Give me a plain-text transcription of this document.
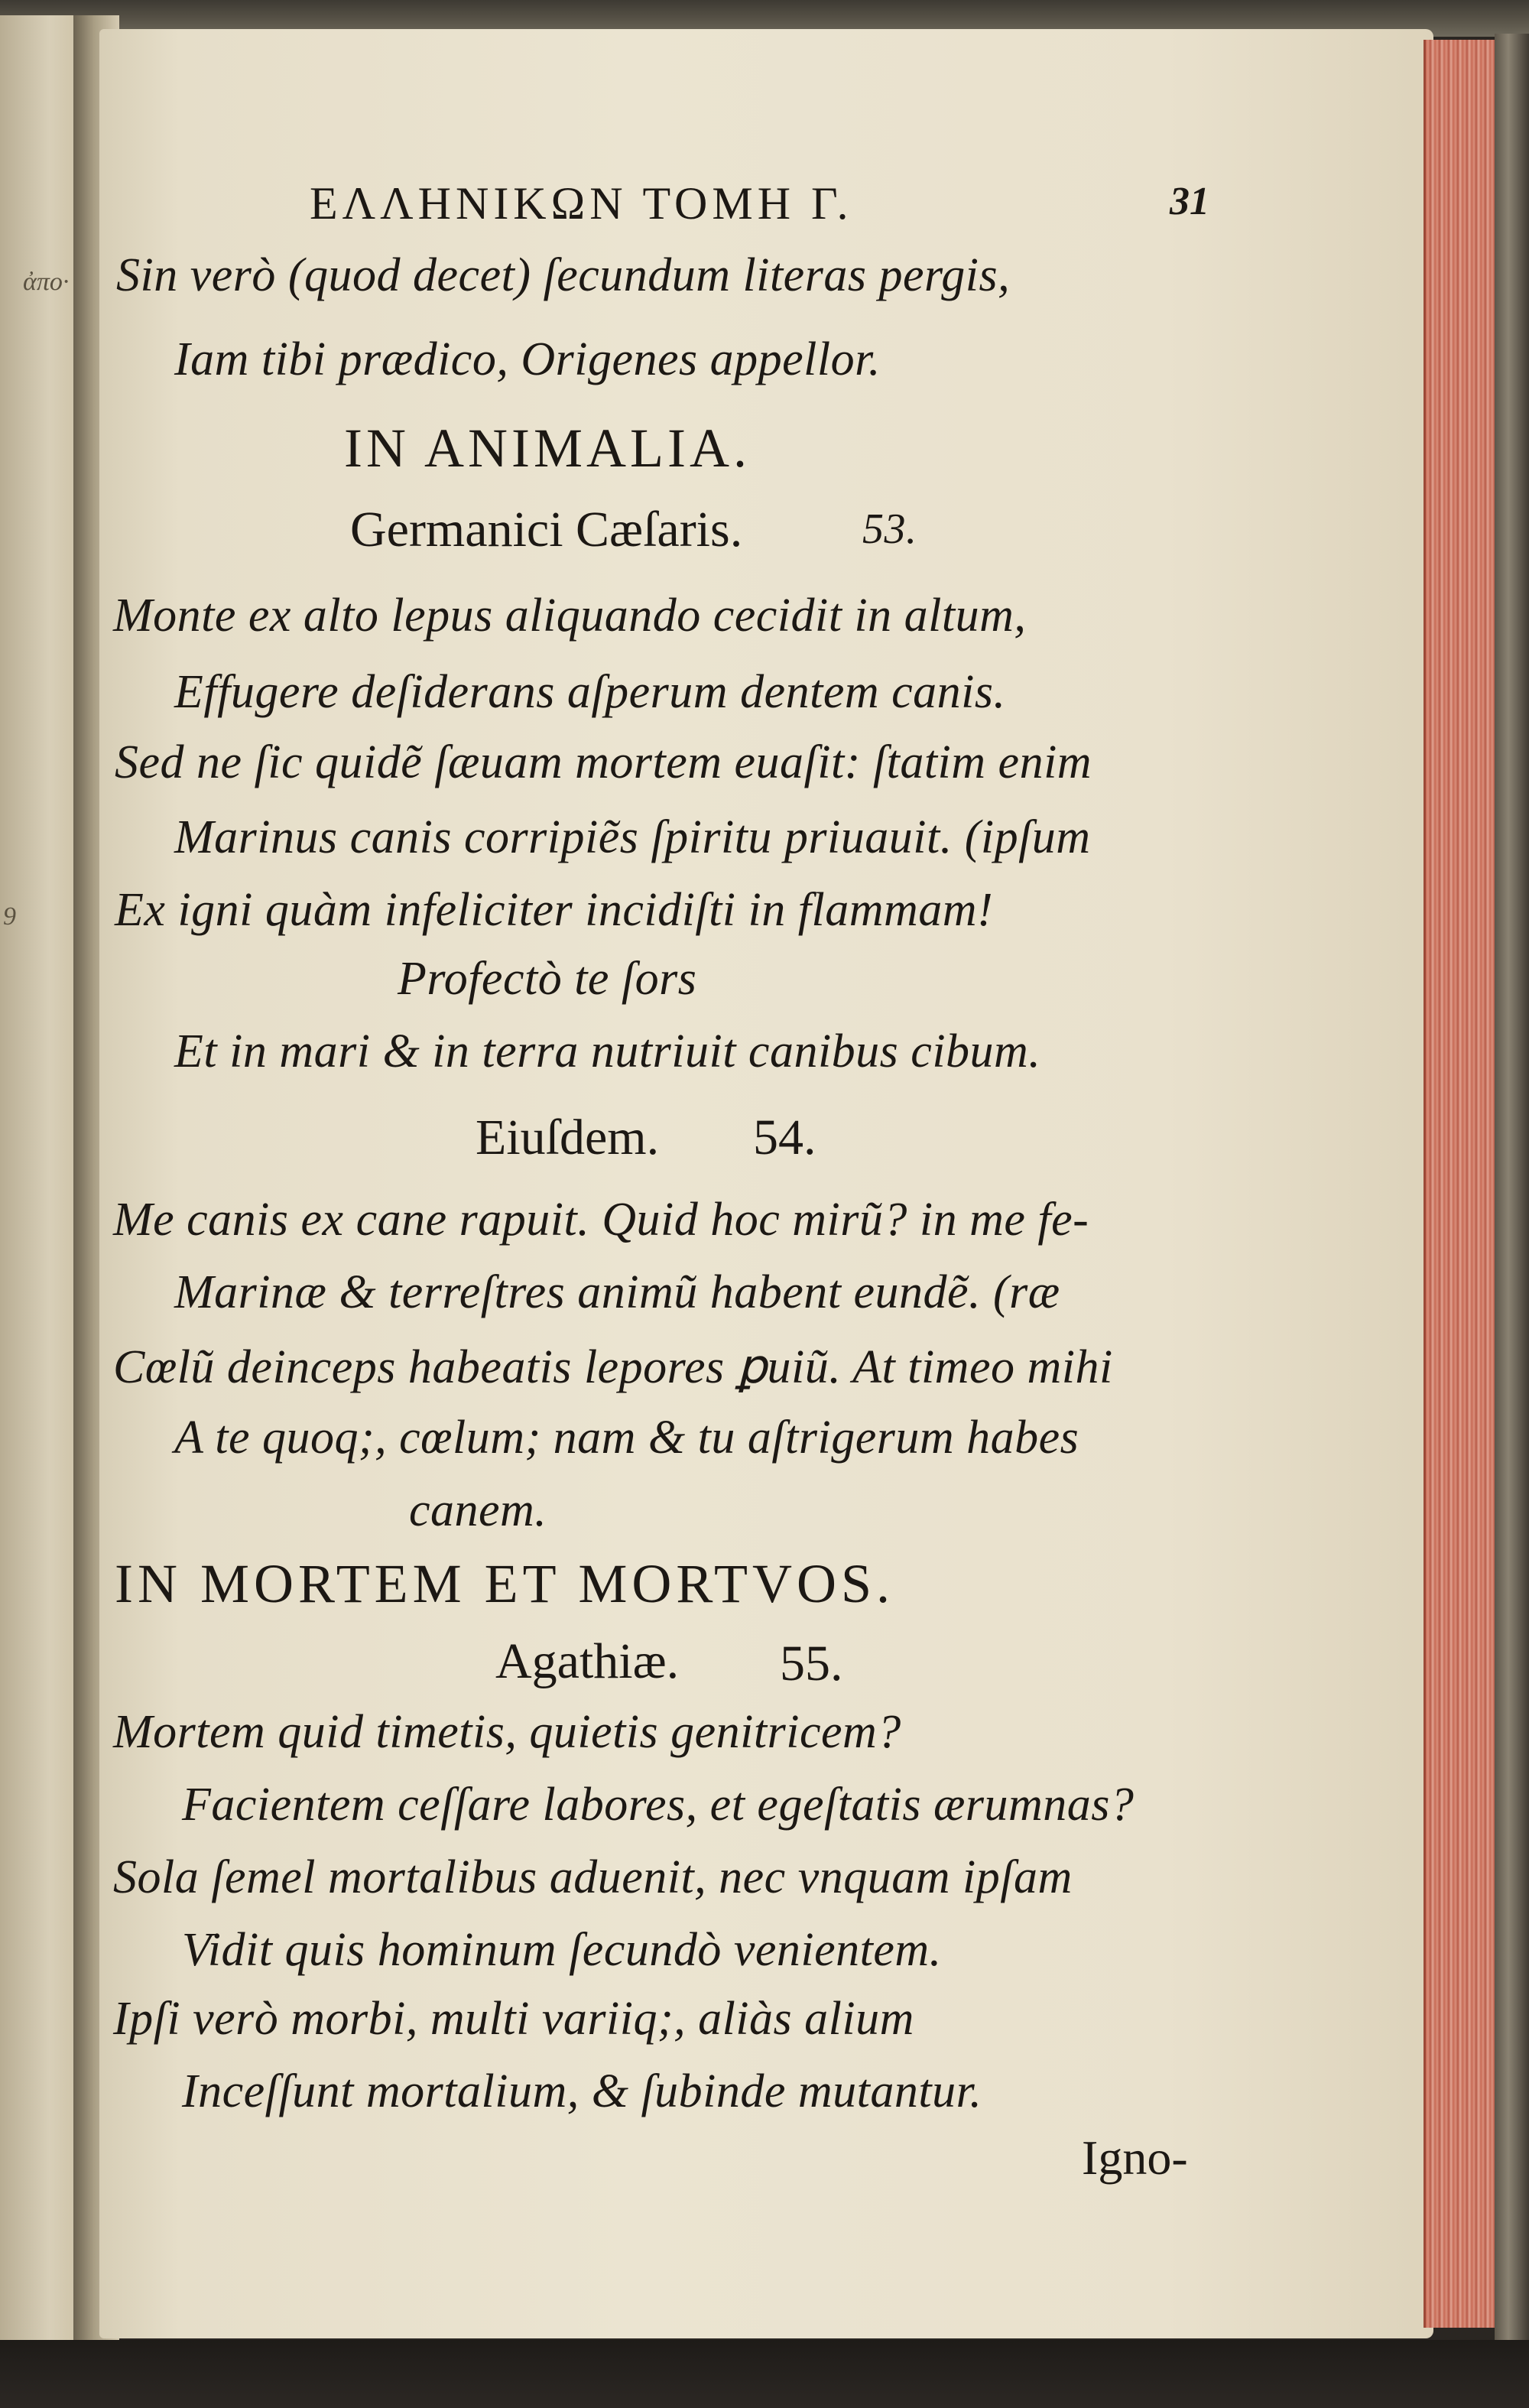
ἀπο·
9
ΕΛΛΗΝΙΚΩΝ ΤΟΜΗ Γ.	31
Sin verò (quod decet) ſecundum literas pergis,
Iam tibi prædico, Origenes appellor.
IN ANIMALIA.
Germanici Cæſaris.	53.
Monte ex alto lepus aliquando cecidit in altum,
Effugere deſiderans aſperum dentem canis.
Sed ne ſic quidẽ ſæuam mortem euaſit: ſtatim enim
Marinus canis corripiẽs ſpiritu priuauit. (ipſum
Ex igni quàm infeliciter incidiſti in flammam!
Profectò te ſors
Et in mari & in terra nutriuit canibus cibum.
Eiuſdem. 54.
Me canis ex cane rapuit. Quid hoc mirũ? in me fe-
Marinæ & terreſtres animũ habent eundẽ. (ræ
Cœlũ deinceps habeatis lepores ꝑuiũ. At timeo mihi
A te quoq;, cœlum; nam & tu aſtrigerum habes
canem.
IN MORTEM ET MORTVOS.
Agathiæ. 55.
Mortem quid timetis, quietis genitricem?
Facientem ceſſare labores, et egeſtatis ærumnas?
Sola ſemel mortalibus aduenit, nec vnquam ipſam
Vidit quis hominum ſecundò venientem.
Ipſi verò morbi, multi variiq;, aliàs alium
Inceſſunt mortalium, & ſubinde mutantur.
Igno-
